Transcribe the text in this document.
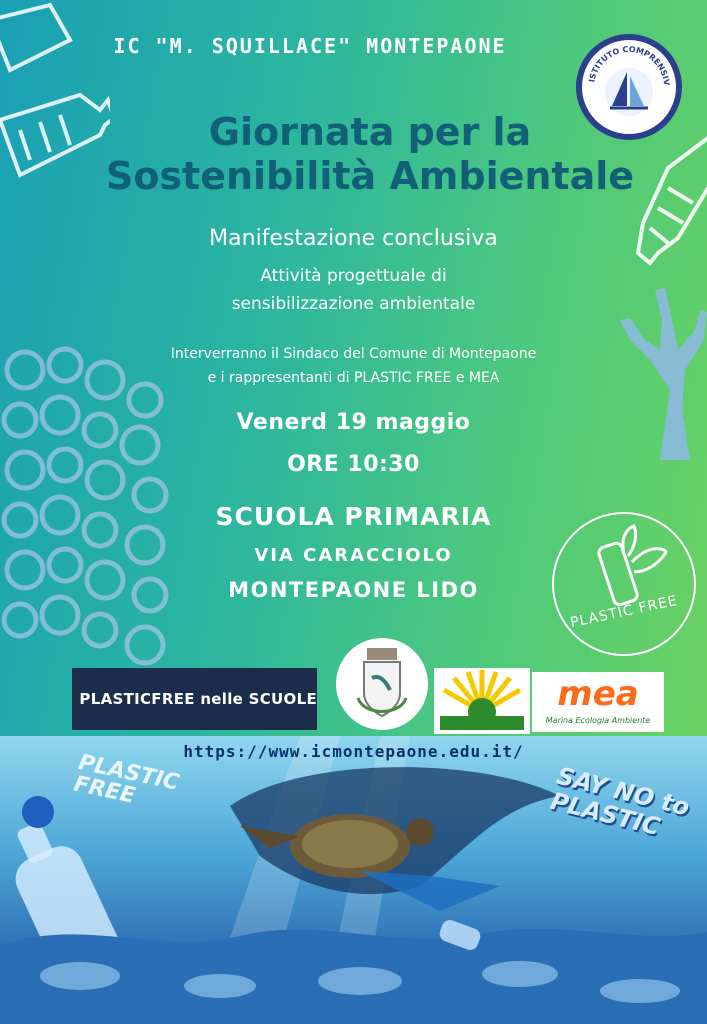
ISTITUTO COMPRENSIV
IC "M. SQUILLACE" MONTEPAONE
Giornata per la
Sostenibilità Ambientale
Manifestazione conclusiva
Attività progettuale di
sensibilizzazione ambientale
Interverranno il Sindaco del Comune di Montepaone
e i rappresentanti di PLASTIC FREE e MEA
Venerd 19 maggio
ORE 10:30
SCUOLA PRIMARIA
VIA CARACCIOLO
MONTEPAONE LIDO
PLASTIC FREE
PLASTICFREE nelle SCUOLE	mea
Marina Ecologia Ambiente
PLASTIC FREE	SAY NO to PLASTIC
https://www.icmontepaone.edu.it/
